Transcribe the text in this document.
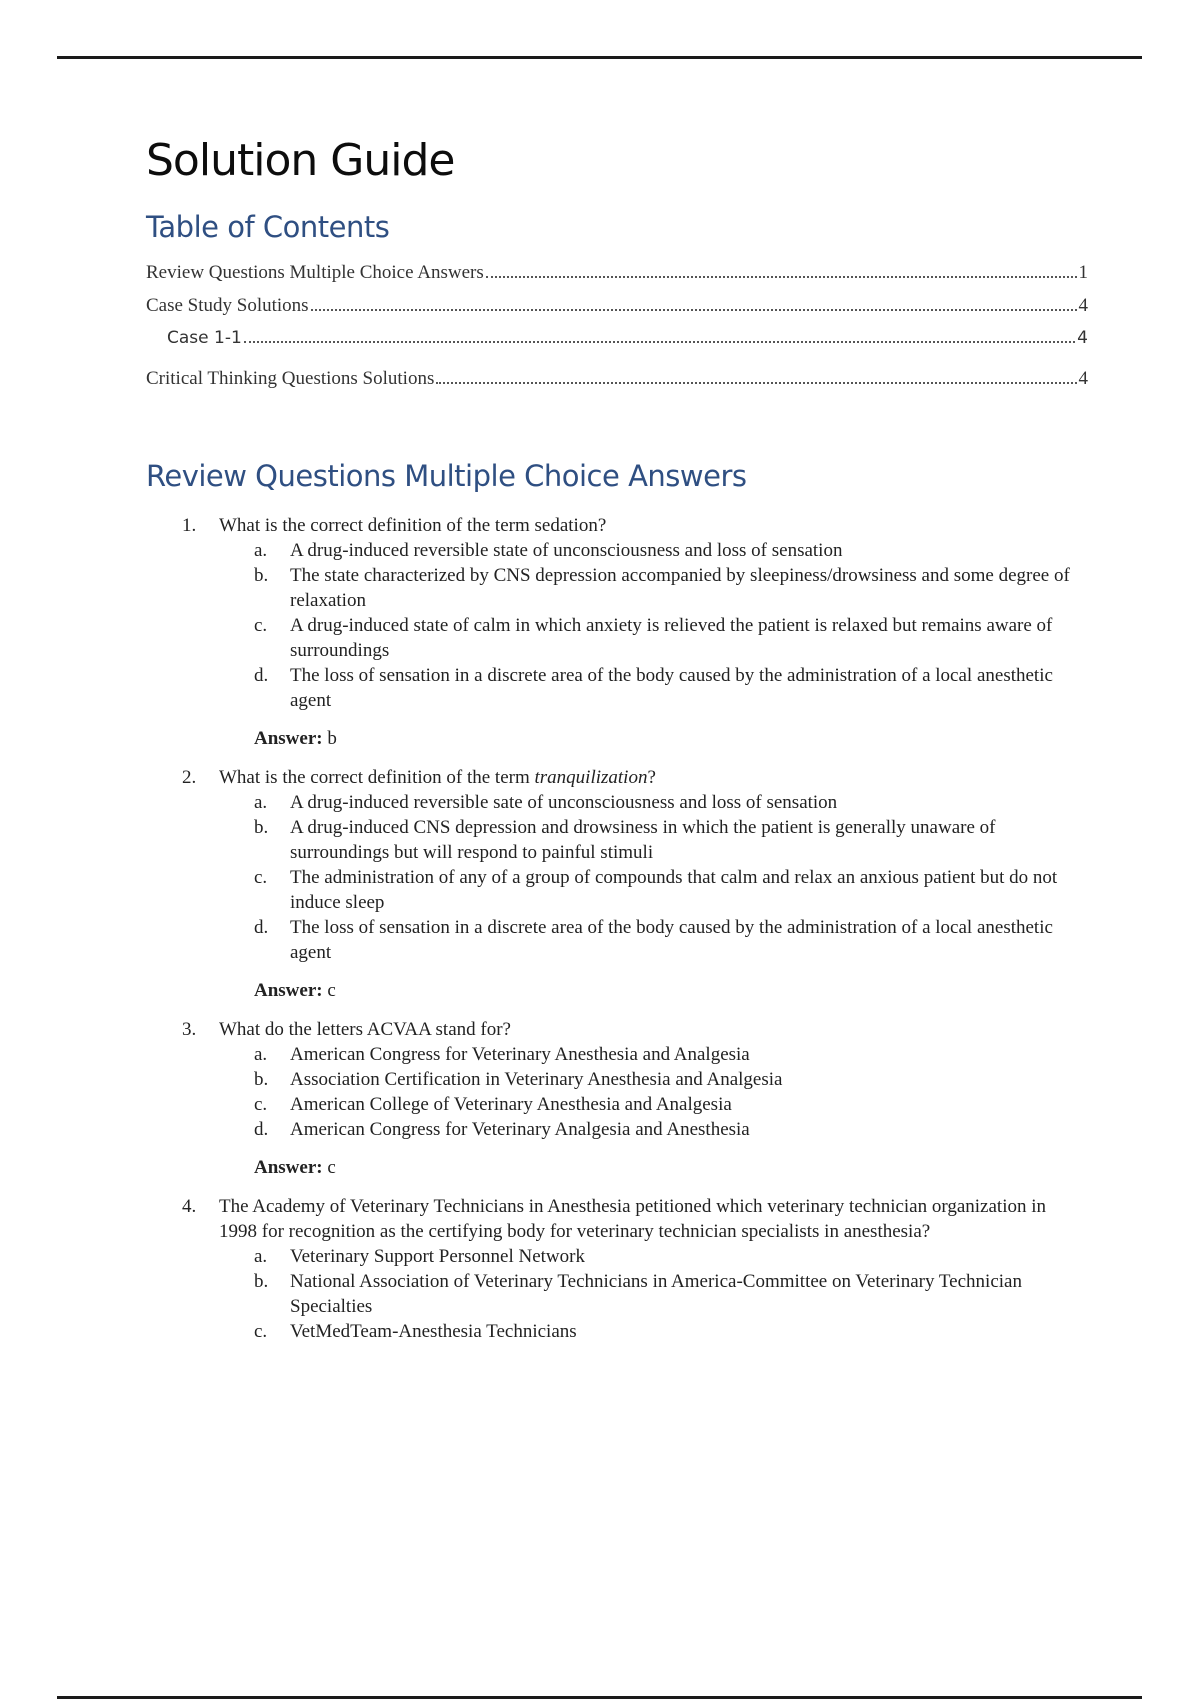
Solution Guide
Table of Contents
Review Questions Multiple Choice Answers	1
Case Study Solutions	4
Case 1-1	4
Critical Thinking Questions Solutions	4
Review Questions Multiple Choice Answers
1.	What is the correct definition of the term sedation?
a.	A drug-induced reversible state of unconsciousness and loss of sensation
b.	The state characterized by CNS depression accompanied by sleepiness/drowsiness and some degree of relaxation
c.	A drug-induced state of calm in which anxiety is relieved the patient is relaxed but remains aware of surroundings
d.	The loss of sensation in a discrete area of the body caused by the administration of a local anesthetic agent
Answer: b
2.	What is the correct definition of the term tranquilization?
a.	A drug-induced reversible sate of unconsciousness and loss of sensation
b.	A drug-induced CNS depression and drowsiness in which the patient is generally unaware of surroundings but will respond to painful stimuli
c.	The administration of any of a group of compounds that calm and relax an anxious patient but do not induce sleep
d.	The loss of sensation in a discrete area of the body caused by the administration of a local anesthetic agent
Answer: c
3.	What do the letters ACVAA stand for?
a.	American Congress for Veterinary Anesthesia and Analgesia
b.	Association Certification in Veterinary Anesthesia and Analgesia
c.	American College of Veterinary Anesthesia and Analgesia
d.	American Congress for Veterinary Analgesia and Anesthesia
Answer: c
4.	The Academy of Veterinary Technicians in Anesthesia petitioned which veterinary technician organization in 1998 for recognition as the certifying body for veterinary technician specialists in anesthesia?
a.	Veterinary Support Personnel Network
b.	National Association of Veterinary Technicians in America-Committee on Veterinary Technician Specialties
c.	VetMedTeam-Anesthesia Technicians
